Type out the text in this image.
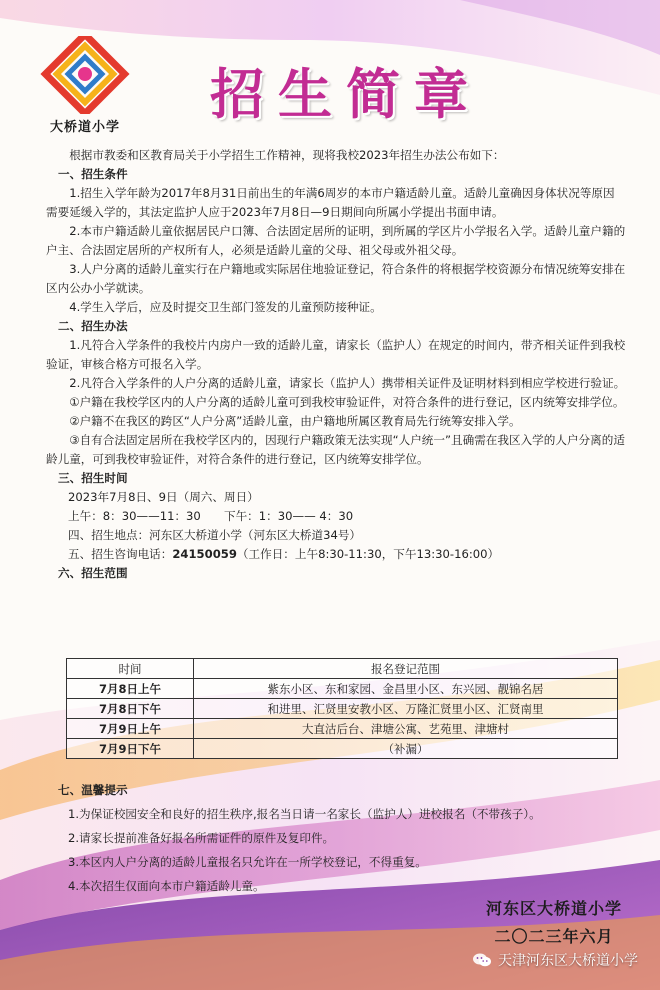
大桥道小学
招生简章

根据市教委和区教育局关于小学招生工作精神，现将我校2023年招生办法公布如下：

一、招生条件

1.招生入学年龄为2017年8月31日前出生的年满6周岁的本市户籍适龄儿童。适龄儿童确因身体状况等原因需要延缓入学的，其法定监护人应于2023年7月8日—9日期间向所属小学提出书面申请。

2.本市户籍适龄儿童依据居民户口簿、合法固定居所的证明，到所属的学区片小学报名入学。适龄儿童户籍的户主、合法固定居所的产权所有人，必须是适龄儿童的父母、祖父母或外祖父母。

3.人户分离的适龄儿童实行在户籍地或实际居住地验证登记，符合条件的将根据学校资源分布情况统筹安排在区内公办小学就读。

4.学生入学后，应及时提交卫生部门签发的儿童预防接种证。

二、招生办法

1.凡符合入学条件的我校片内房户一致的适龄儿童，请家长（监护人）在规定的时间内，带齐相关证件到我校验证，审核合格方可报名入学。

2.凡符合入学条件的人户分离的适龄儿童，请家长（监护人）携带相关证件及证明材料到相应学校进行验证。

①户籍在我校学区内的人户分离的适龄儿童可到我校审验证件，对符合条件的进行登记，区内统筹安排学位。

②户籍不在我区的跨区“人户分离”适龄儿童，由户籍地所属区教育局先行统筹安排入学。

③自有合法固定居所在我校学区内的，因现行户籍政策无法实现“人户统一”且确需在我区入学的人户分离的适龄儿童，可到我校审验证件，对符合条件的进行登记，区内统筹安排学位。

三、招生时间

2023年7月8日、9日（周六、周日）

上午：8：30——11：30　　下午：1：30—— 4：30

四、招生地点：河东区大桥道小学（河东区大桥道34号）

五、招生咨询电话：24150059（工作日：上午8:30-11:30，下午13:30-16:00）

六、招生范围

时间	报名登记范围
7月8日上午	紫东小区、东和家园、金昌里小区、东兴园、靓锦名居
7月8日下午	和进里、汇贤里安教小区、万隆汇贤里小区、汇贤南里
7月9日上午	大直沽后台、津塘公寓、艺苑里、津塘村
7月9日下午	（补漏）

七、温馨提示

1.为保证校园安全和良好的招生秩序,报名当日请一名家长（监护人）进校报名（不带孩子）。

2.请家长提前准备好报名所需证件的原件及复印件。

3.本区内人户分离的适龄儿童报名只允许在一所学校登记，不得重复。

4.本次招生仅面向本市户籍适龄儿童。

河东区大桥道小学
二〇二三年六月
天津河东区大桥道小学
